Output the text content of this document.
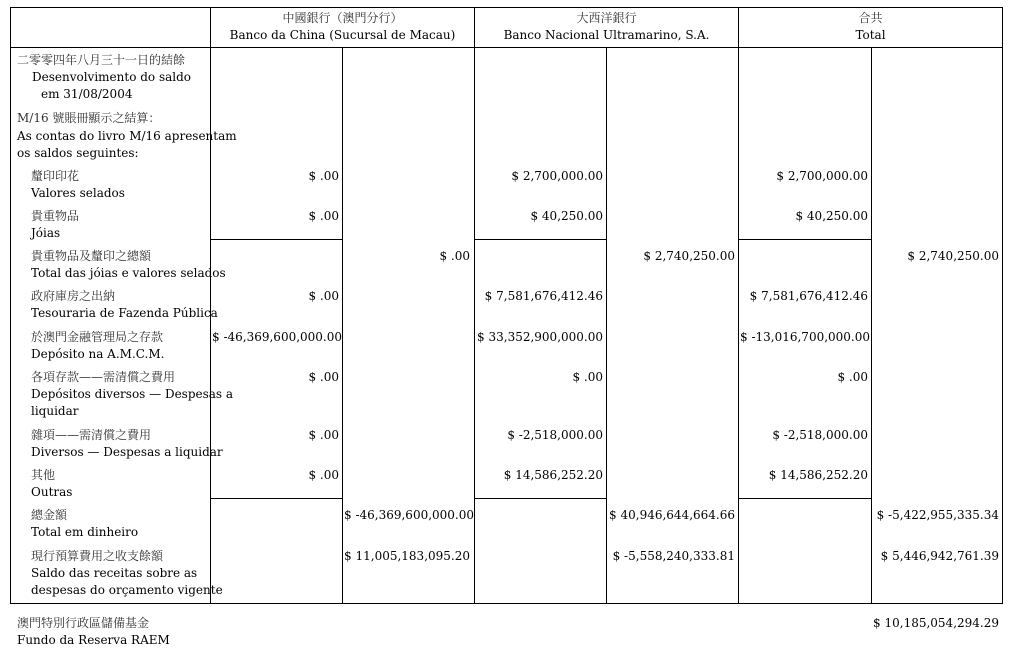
中國銀行（澳門分行）
Banco da China (Sucursal de Macau)
大西洋銀行
Banco Nacional Ultramarino, S.A.
合共
Total
二零零四年八月三十一日的結餘
Desenvolvimento do saldo
em 31/08/2004
M/16 號賬冊顯示之結算：
As contas do livro M/16 apresentam
os saldos seguintes:
釐印印花
Valores selados
$ .00	$ 2,700,000.00	$ 2,700,000.00
貴重物品
Jóias
$ .00	$ 40,250.00	$ 40,250.00
貴重物品及釐印之總額
Total das jóias e valores selados
$ .00	$ 2,740,250.00	$ 2,740,250.00
政府庫房之出納
Tesouraria de Fazenda Pública
$ .00	$ 7,581,676,412.46	$ 7,581,676,412.46
於澳門金融管理局之存款
Depósito na A.M.C.M.
$ -46,369,600,000.00	$ 33,352,900,000.00	$ -13,016,700,000.00
各項存款——需清償之費用
Depósitos diversos — Despesas a
liquidar
$ .00	$ .00	$ .00
雜項——需清償之費用
Diversos — Despesas a liquidar
$ .00	$ -2,518,000.00	$ -2,518,000.00
其他
Outras
$ .00	$ 14,586,252.20	$ 14,586,252.20
總金額
Total em dinheiro
$ -46,369,600,000.00	$ 40,946,644,664.66	$ -5,422,955,335.34
現行預算費用之收支餘額
Saldo das receitas sobre as
despesas do orçamento vigente
$ 11,005,183,095.20	$ -5,558,240,333.81	$ 5,446,942,761.39
澳門特別行政區儲備基金
Fundo da Reserva RAEM
$ 10,185,054,294.29
